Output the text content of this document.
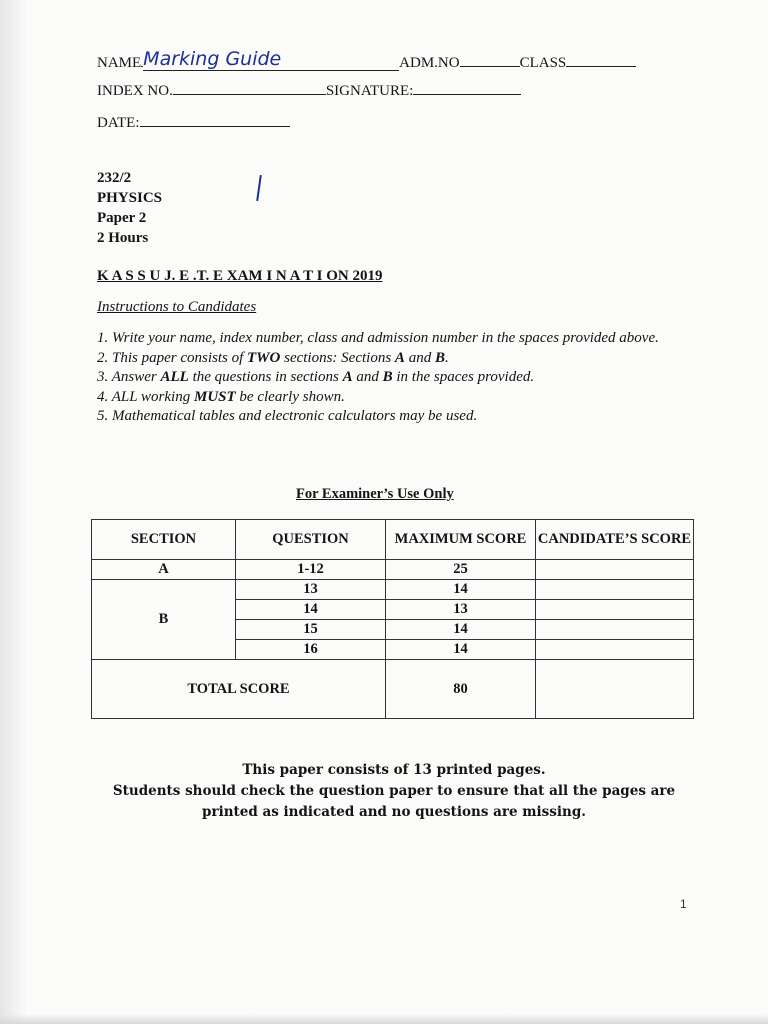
NAME Marking Guide	ADM.NO	CLASS
INDEX NO.	SIGNATURE:
DATE:
232/2
PHYSICS
Paper 2
2 Hours
K A S S U J. E .T. E XAM I N A T I ON 2019
Instructions to Candidates

1. Write your name, index number, class and admission number in the spaces provided above.

2. This paper consists of TWO sections: Sections A and B.

3. Answer ALL the questions in sections A and B in the spaces provided.

4. ALL working MUST be clearly shown.

5. Mathematical tables and electronic calculators may be used.

For Examiner’s Use Only
SECTION	QUESTION	MAXIMUM SCORE	CANDIDATE’S SCORE
A	1-12	25	
B	13	14	
	14	13	
	15	14	
	16	14	
TOTAL SCORE		80	

This paper consists of 13 printed pages.

Students should check the question paper to ensure that all the pages are

printed as indicated and no questions are missing.

1
